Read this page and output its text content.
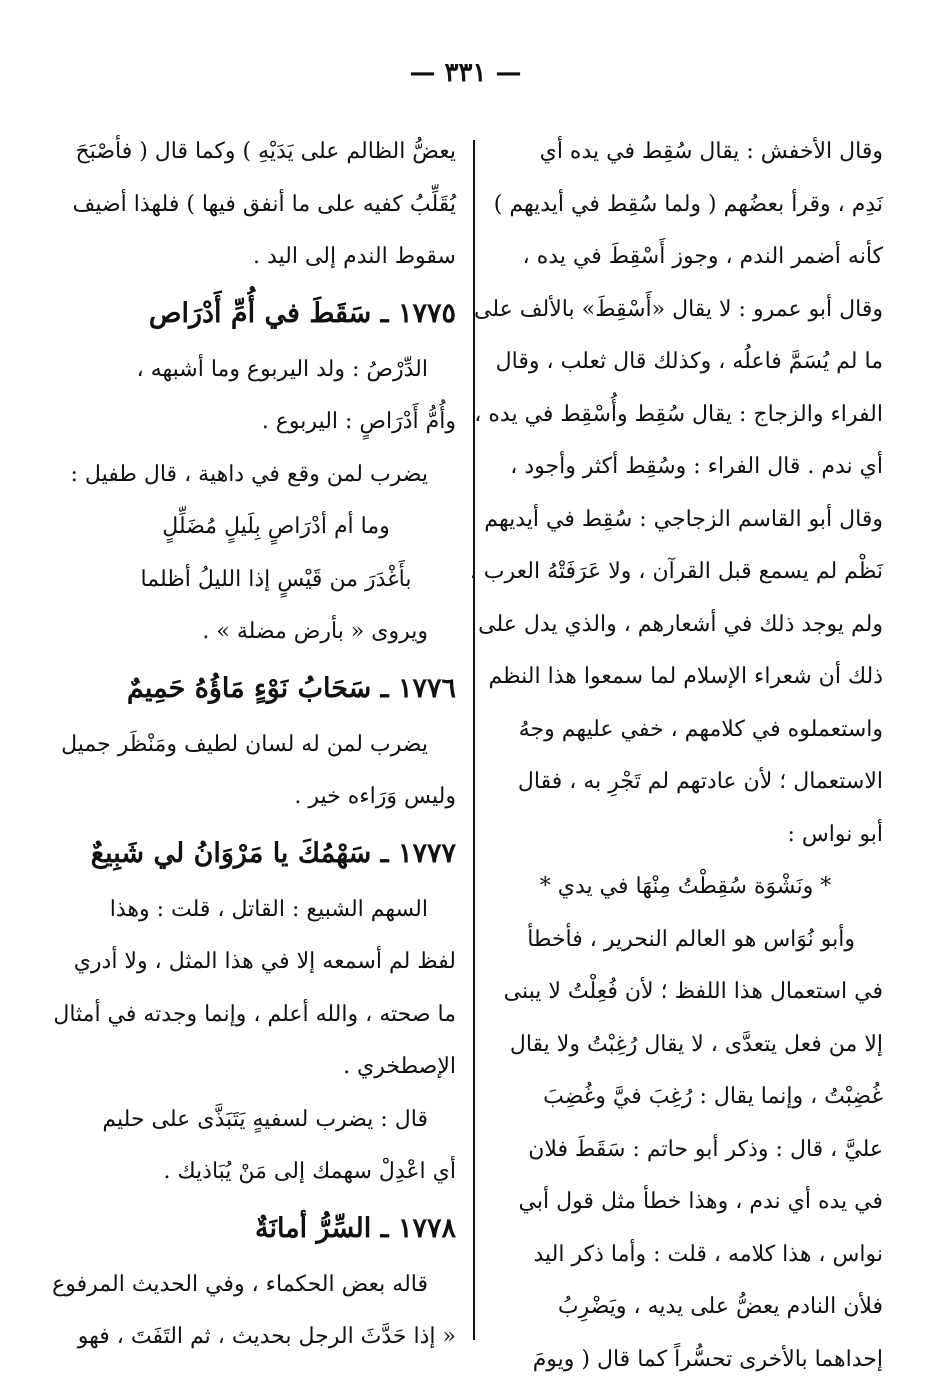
— ٣٣١ —
وقال الأخفش : يقال سُقِط في يده أي
نَدِم ، وقرأ بعضُهم ( ولما سُقِط في أيديهم )
كأنه أضمر الندم ، وجوز أَسْقِطَ في يده ،
وقال أبو عمرو : لا يقال «أَسْقِطَ» بالألف على
ما لم يُسَمَّ فاعلُه ، وكذلك قال ثعلب ، وقال
الفراء والزجاج : يقال سُقِط وأُسْقِط في يده ،
أي ندم . قال الفراء : وسُقِط أكثر وأجود ،
وقال أبو القاسم الزجاجي : سُقِط في أيديهم
نَظْم لم يسمع قبل القرآن ، ولا عَرَفَتْهُ العرب ،
ولم يوجد ذلك في أشعارهم ، والذي يدل على
ذلك أن شعراء الإسلام لما سمعوا هذا النظم
واستعملوه في كلامهم ، خفي عليهم وجهُ
الاستعمال ؛ لأن عادتهم لم تَجْرِ به ، فقال
أبو نواس :
* ونَشْوَة سُقِطْتُ مِنْهَا في يدي *
وأبو نُوَاس هو العالم النحرير ، فأخطأ
في استعمال هذا اللفظ ؛ لأن فُعِلْتُ لا يبنى
إلا من فعل يتعدَّى ، لا يقال رُغِبْتُ ولا يقال
غُضِبْتُ ، وإنما يقال : رُغِبَ فيَّ وغُضِبَ
عليَّ ، قال : وذكر أبو حاتم : سَقَطَ فلان
في يده أي ندم ، وهذا خطأ مثل قول أبي
نواس ، هذا كلامه ، قلت : وأما ذكر اليد
فلأن النادم يعضُّ على يديه ، ويَضْرِبُ
إحداهما بالأخرى تحسُّراً كما قال ( ويومَ
يعضُّ الظالم على يَدَيْهِ ) وكما قال ( فأصْبَحَ
يُقَلِّبُ كفيه على ما أنفق فيها ) فلهذا أضيف
سقوط الندم إلى اليد .
١٧٧٥ ـ سَقَطَ في أُمِّ أَدْرَاص
الدِّرْصُ : ولد اليربوع وما أشبهه ،
وأُمُّ أَدْرَاصٍ : اليربوع .
يضرب لمن وقع في داهية ، قال طفيل :
وما أم أدْرَاصٍ بِلَيلٍ مُضَلِّلٍ
بأَغْدَرَ من قَيْسٍ إذا الليلُ أظلما
ويروى « بأرض مضلة » .
١٧٧٦ ـ سَحَابُ نَوْءٍ مَاؤُهُ حَمِيمٌ
يضرب لمن له لسان لطيف ومَنْظَر جميل
وليس وَرَاءه خير .
١٧٧٧ ـ سَهْمُكَ يا مَرْوَانُ لي شَبِيعٌ
السهم الشبيع : القاتل ، قلت : وهذا
لفظ لم أسمعه إلا في هذا المثل ، ولا أدري
ما صحته ، والله أعلم ، وإنما وجدته في أمثال
الإصطخري .
قال : يضرب لسفيهٍ يَتَبَذَّى على حليم
أي اعْدِلْ سهمك إلى مَنْ يُبَاذيك .
١٧٧٨ ـ السِّرُّ أمانَةٌ
قاله بعض الحكماء ، وفي الحديث المرفوع
« إذا حَدَّثَ الرجل بحديث ، ثم التَفَتَ ، فهو
